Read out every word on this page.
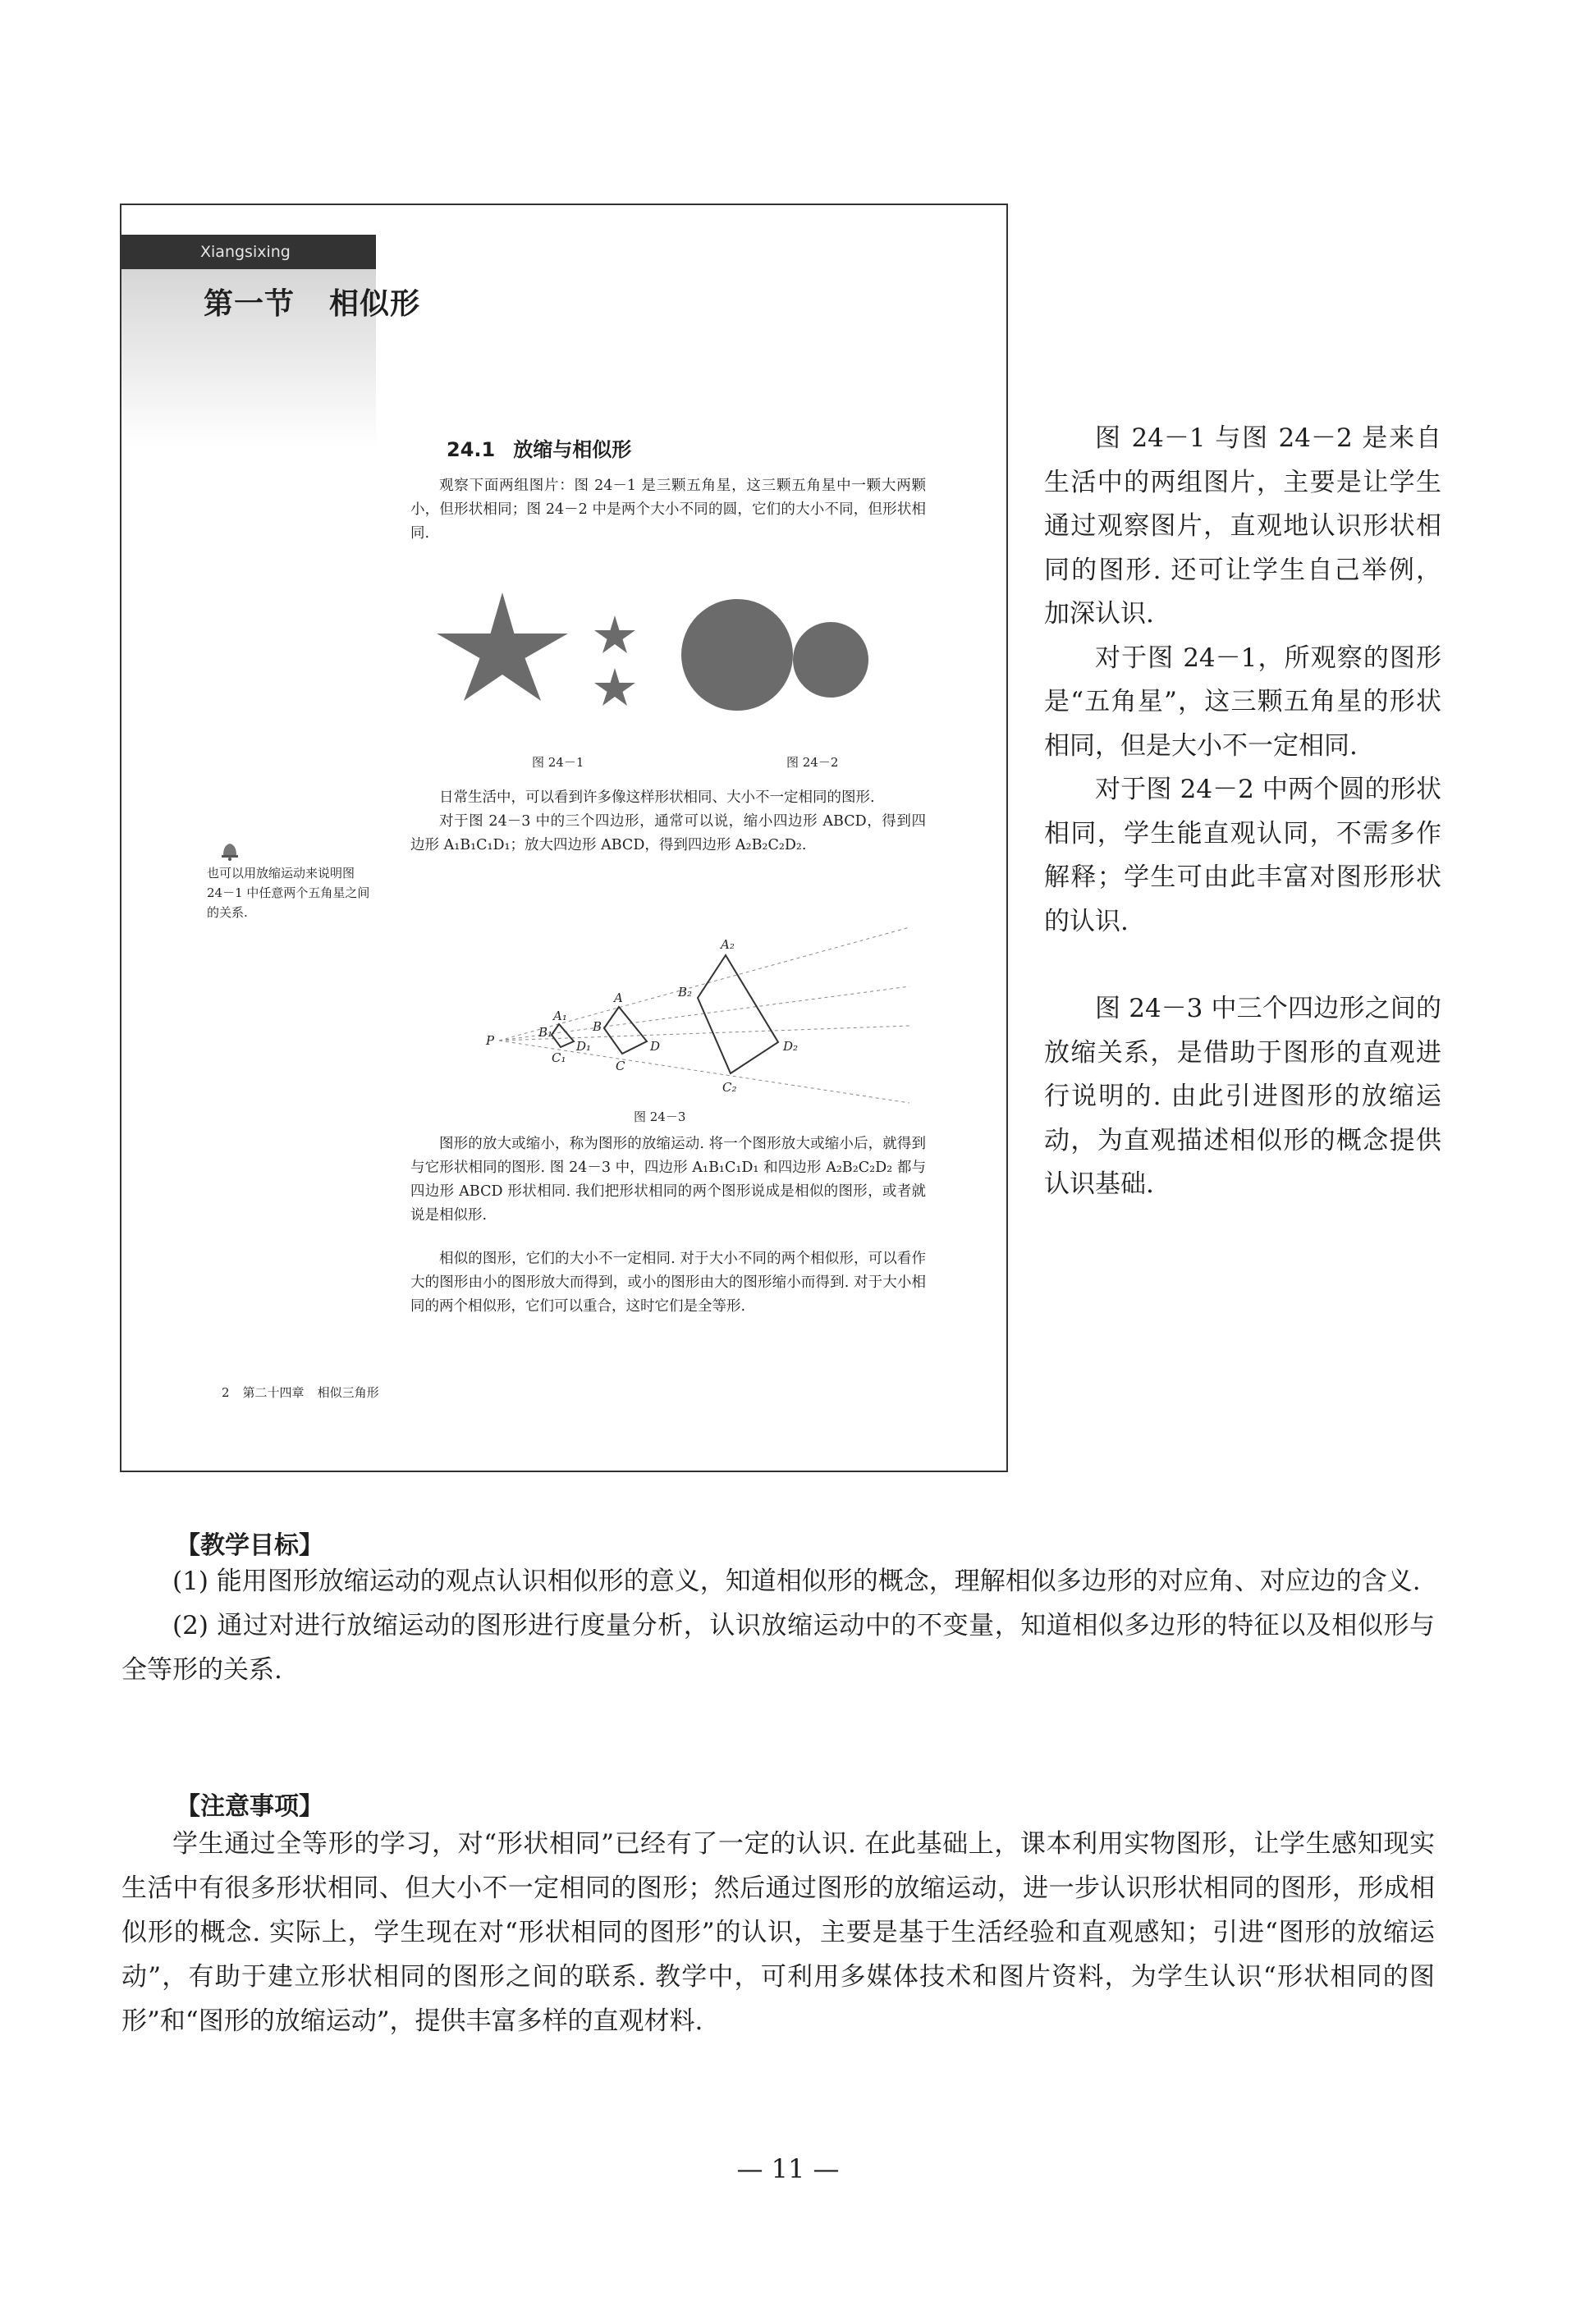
Xiangsixing
第一节 相似形
24.1 放缩与相似形

观察下面两组图片：图 24－1 是三颗五角星，这三颗五角星中一颗大两颗小，但形状相同；图 24－2 中是两个大小不同的圆，它们的大小不同，但形状相同.

图 24－1	图 24－2

日常生活中，可以看到许多像这样形状相同、大小不一定相同的图形.

对于图 24－3 中的三个四边形，通常可以说，缩小四边形 ABCD，得到四边形 A₁B₁C₁D₁；放大四边形 ABCD，得到四边形 A₂B₂C₂D₂.

也可以用放缩运动来说明图 24－1 中任意两个五角星之间的关系.
P
A₁
B₁
C₁
D₁
A
B
C
D
A₂
B₂
C₂
D₂
图 24－3

图形的放大或缩小，称为图形的放缩运动. 将一个图形放大或缩小后，就得到与它形状相同的图形. 图 24－3 中，四边形 A₁B₁C₁D₁ 和四边形 A₂B₂C₂D₂ 都与四边形 ABCD 形状相同. 我们把形状相同的两个图形说成是相似的图形，或者就说是相似形.

相似的图形，它们的大小不一定相同. 对于大小不同的两个相似形，可以看作大的图形由小的图形放大而得到，或小的图形由大的图形缩小而得到. 对于大小相同的两个相似形，它们可以重合，这时它们是全等形.

2 第二十四章 相似三角形

图 24－1 与图 24－2 是来自生活中的两组图片，主要是让学生通过观察图片，直观地认识形状相同的图形. 还可让学生自己举例，加深认识.

对于图 24－1，所观察的图形是“五角星”，这三颗五角星的形状相同，但是大小不一定相同.

对于图 24－2 中两个圆的形状相同，学生能直观认同，不需多作解释；学生可由此丰富对图形形状的认识.

图 24－3 中三个四边形之间的放缩关系，是借助于图形的直观进行说明的. 由此引进图形的放缩运动，为直观描述相似形的概念提供认识基础.

【教学目标】

(1) 能用图形放缩运动的观点认识相似形的意义，知道相似形的概念，理解相似多边形的对应角、对应边的含义.

(2) 通过对进行放缩运动的图形进行度量分析，认识放缩运动中的不变量，知道相似多边形的特征以及相似形与全等形的关系.

【注意事项】

学生通过全等形的学习，对“形状相同”已经有了一定的认识. 在此基础上，课本利用实物图形，让学生感知现实生活中有很多形状相同、但大小不一定相同的图形；然后通过图形的放缩运动，进一步认识形状相同的图形，形成相似形的概念. 实际上，学生现在对“形状相同的图形”的认识，主要是基于生活经验和直观感知；引进“图形的放缩运动”，有助于建立形状相同的图形之间的联系. 教学中，可利用多媒体技术和图片资料，为学生认识“形状相同的图形”和“图形的放缩运动”，提供丰富多样的直观材料.

— 11 —
